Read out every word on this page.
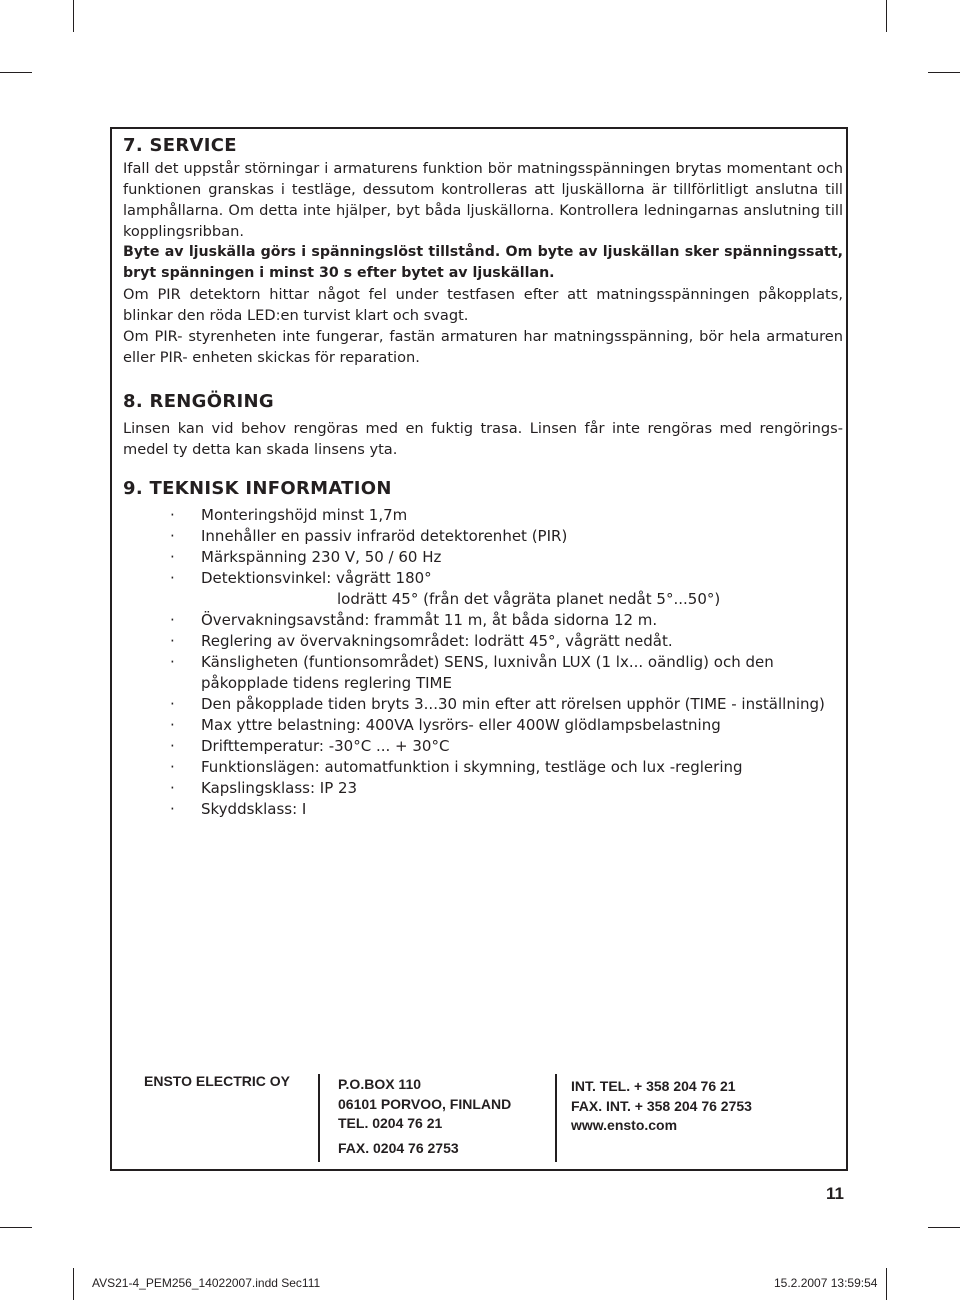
7. SERVICE

Ifall det uppstår störningar i armaturens funktion bör matningsspänningen brytas momentant och funktionen granskas i testläge, dessutom kontrolleras att ljuskällorna är tillförlitligt anslutna till lamphållarna. Om detta inte hjälper, byt båda ljuskällorna. Kontrollera ledningarnas anslutning till kopplingsribban.

Byte av ljuskälla görs i spänningslöst tillstånd. Om byte av ljuskällan sker spänningssatt, bryt spänningen i minst 30 s efter bytet av ljuskällan.

Om PIR detektorn hittar något fel under testfasen efter att matningsspänningen påkopplats, blinkar den röda LED:en turvist klart och svagt.

Om PIR- styrenheten inte fungerar, fastän armaturen har matningsspänning, bör hela armaturen eller PIR- enheten skickas för reparation.

8. RENGÖRING

Linsen kan vid behov rengöras med en fuktig trasa. Linsen får inte rengöras med rengörings-medel ty detta kan skada linsens yta.

9. TEKNISK INFORMATION
· Monteringshöjd minst 1,7m
· Innehåller en passiv infraröd detektorenhet (PIR)
· Märkspänning 230 V, 50 / 60 Hz
· Detektionsvinkel: vågrätt 180°
lodrätt 45° (från det vågräta planet nedåt 5°...50°)
· Övervakningsavstånd: frammåt 11 m, åt båda sidorna 12 m.
· Reglering av övervakningsområdet: lodrätt 45°, vågrätt nedåt.
· Känsligheten (funtionsområdet) SENS, luxnivån LUX (1 lx... oändlig) och den
påkopplade tidens reglering TIME
· Den påkopplade tiden bryts 3...30 min efter att rörelsen upphör (TIME - inställning)
· Max yttre belastning: 400VA lysrörs- eller 400W glödlampsbelastning
· Drifttemperatur: -30°C ... + 30°C
· Funktionslägen: automatfunktion i skymning, testläge och lux -reglering
· Kapslingsklass: IP 23
· Skyddsklass: I
ENSTO ELECTRIC OY	P.O.BOX 110
06101 PORVOO, FINLAND
TEL. 0204 76 21
FAX. 0204 76 2753
INT. TEL. + 358 204 76 21
FAX. INT. + 358 204 76 2753
www.ensto.com
11
AVS21-4_PEM256_14022007.indd Sec111	15.2.2007 13:59:54
